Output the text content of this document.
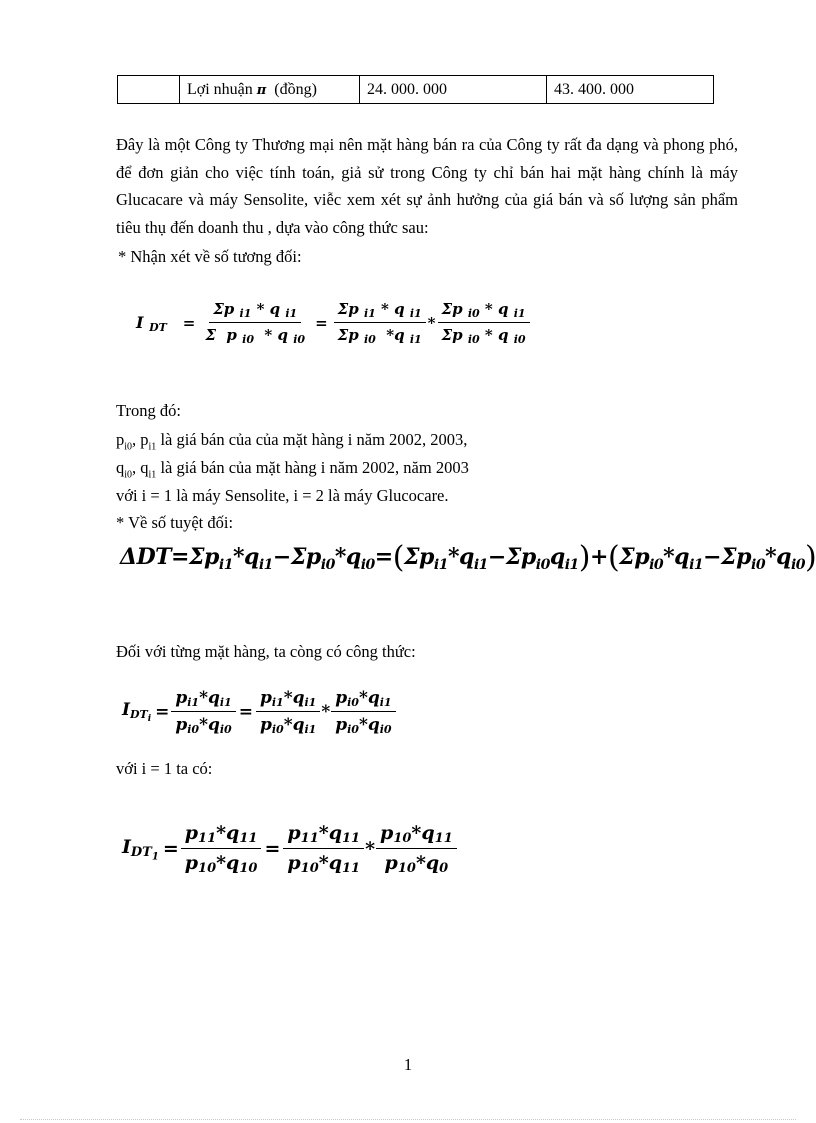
	Lợi nhuận π (đồng)	24. 000. 000	43. 400. 000
Đây là một Công ty Thương mại nên mặt hàng bán ra của Công ty rất đa dạng và phong phó, để đơn giản cho việc tính toán, giả sử trong Công ty chỉ bán hai mặt hàng chính là máy Glucacare và máy Sensolite, viễc xem xét sự ảnh hưởng của giá bán và số lượng sản phẩm tiêu thụ đến doanh thu , dựa vào công thức sau:
* Nhận xét về số tương đối:
I DT = $\frac{\Sigma p _{i1} * q _{i1}}{\Sigma p _{i0} * q _{i0}} = \frac{\Sigma p _{i1} * q _{i1}}{\Sigma p _{i0} *q _{i1}} * \frac{\Sigma p _{i0} * q _{i1}}{\Sigma p _{i0} * q _{i0}}$
Trong đó:
$p_{i0}$, $p_{i1}$ là giá bán của của mặt hàng i năm 2002, 2003,
$q_{i0}$, $q_{i1}$ là giá bán của mặt hàng i năm 2002, năm 2003
với i = 1 là máy Sensolite, i = 2 là máy Glucocare.
* Về số tuyệt đối:
$\Delta DT=\Sigma p_{i1}*q_{i1}-\Sigma p_{i0}*q_{i0}=(\Sigma p_{i1}*q_{i1}-\Sigma p_{i0}q_{i1})+(\Sigma p_{i0}*q_{i1}-\Sigma p_{i0}*q_{i0})$
Đối với từng mặt hàng, ta còng có công thức:
$IDT_i = \frac{pi1*qi1}{pi0*qi0} = \frac{pi1*qi1}{pi0*qi1} * \frac{pi0*qi1}{pi0*qi0}$
với i = 1 ta có:
$IDT_1 = \frac{p11*q11}{p10*q10} = \frac{p11*q11}{p10*q11} * \frac{p10*q11}{p10*q0}$
1
